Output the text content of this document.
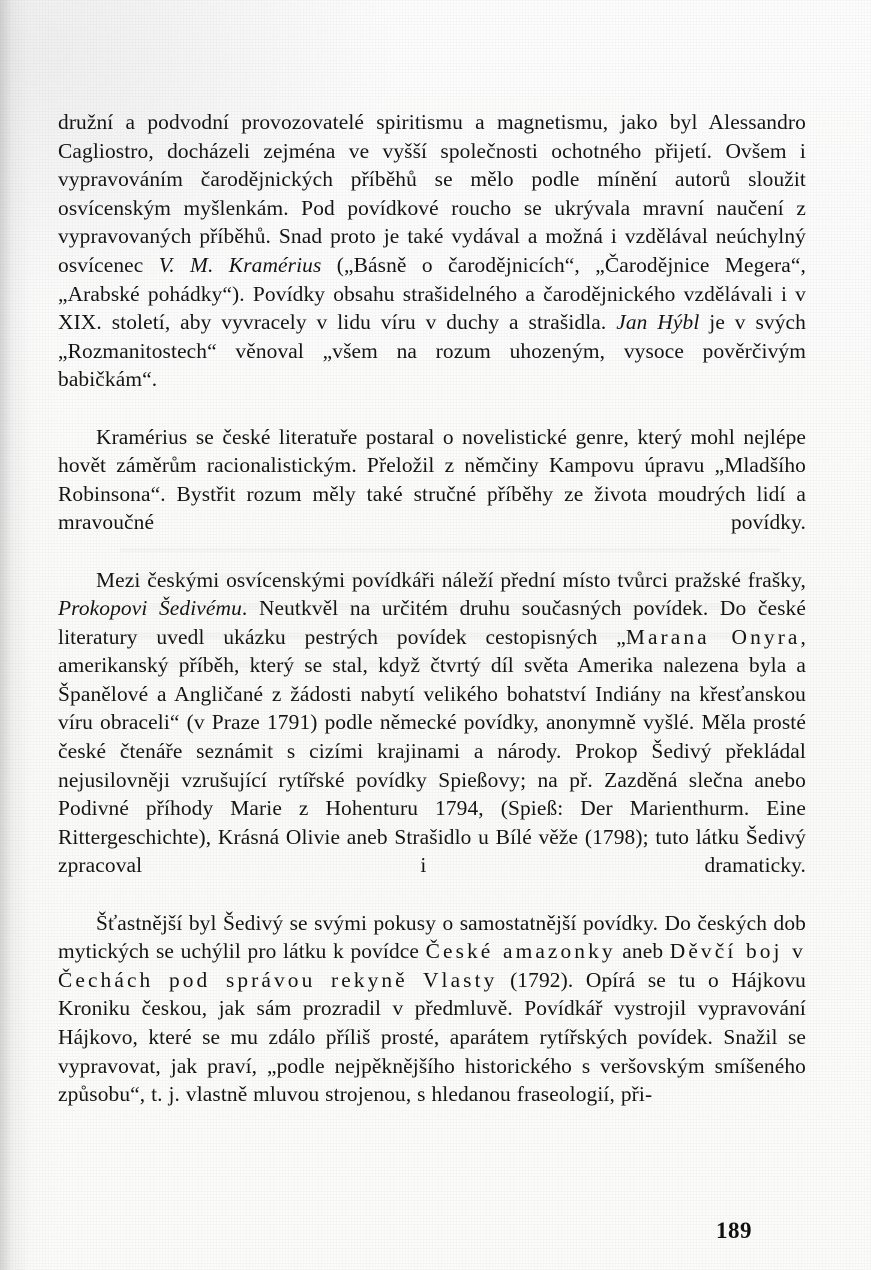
družní a podvodní provozovatelé spiritismu a magnetismu, jako byl Alessandro Cagliostro, docházeli zejména ve vyšší společnosti ochotného přijetí. Ovšem i vypravováním čarodějnických příběhů se mělo podle mínění autorů sloužit osvícenským myšlenkám. Pod povídkové roucho se ukrývala mravní naučení z vypravovaných příběhů. Snad proto je také vydával a možná i vzdělával neúchylný osvícenec V. M. Kramérius („Básně o čarodějnicích“, „Čarodějnice Megera“, „Arabské pohádky“). Povídky obsahu strašidelného a čarodějnického vzdělávali i v XIX. století, aby vyvracely v lidu víru v duchy a strašidla. Jan Hýbl je v svých „Rozmanitostech“ věnoval „všem na rozum uhozeným, vysoce pověrčivým babičkám“.

Kramérius se české literatuře postaral o novelistické genre, který mohl nejlépe hovět záměrům racionalistickým. Přeložil z němčiny Kampovu úpravu „Mladšího Robinsona“. Bystřit rozum měly také stručné příběhy ze života moudrých lidí a mravoučné povídky.

Mezi českými osvícenskými povídkáři náleží přední místo tvůrci pražské frašky, Prokopovi Šedivému. Neutkvěl na určitém druhu současných povídek. Do české literatury uvedl ukázku pestrých povídek cestopisných „Marana Onyra, amerikanský příběh, který se stal, když čtvrtý díl světa Amerika nalezena byla a Španělové a Angličané z žádosti nabytí velikého bohatství Indiány na křesťanskou víru obraceli“ (v Praze 1791) podle německé povídky, anonymně vyšlé. Měla prosté české čtenáře seznámit s cizími krajinami a národy. Prokop Šedivý překládal nejusilovněji vzrušující rytířské povídky Spießovy; na př. Zazděná slečna anebo Podivné příhody Marie z Hohenturu 1794, (Spieß: Der Marienthurm. Eine Rittergeschichte), Krásná Olivie aneb Strašidlo u Bílé věže (1798); tuto látku Šedivý zpracoval i dramaticky.

Šťastnější byl Šedivý se svými pokusy o samostatnější povídky. Do českých dob mytických se uchýlil pro látku k povídce České amazonky aneb Děvčí boj v Čechách pod správou rekyně Vlasty (1792). Opírá se tu o Hájkovu Kroniku českou, jak sám prozradil v předmluvě. Povídkář vystrojil vypravování Hájkovo, které se mu zdálo příliš prosté, aparátem rytířských povídek. Snažil se vypravovat, jak praví, „podle nejpěknějšího historického s veršovským smíšeného způsobu“, t. j. vlastně mluvou strojenou, s hledanou fraseologií, při-

189
